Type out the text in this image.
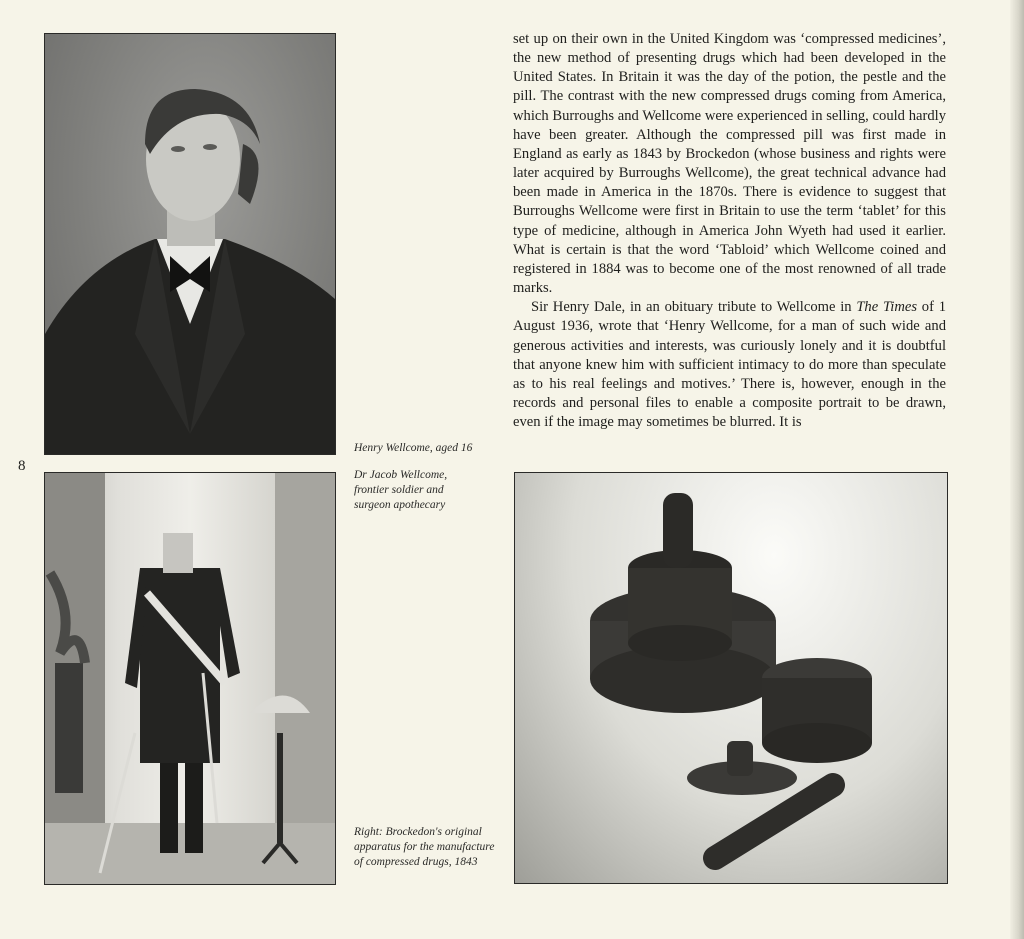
8
Henry Wellcome, aged 16
Dr Jacob Wellcome, frontier soldier and surgeon apothecary
Right: Brockedon's original apparatus for the manufacture of compressed drugs, 1843

set up on their own in the United Kingdom was ‘compressed medicines’, the new method of presenting drugs which had been developed in the United States. In Britain it was the day of the potion, the pestle and the pill. The contrast with the new compressed drugs coming from America, which Burroughs and Wellcome were experienced in selling, could hardly have been greater. Although the compressed pill was first made in England as early as 1843 by Brockedon (whose business and rights were later acquired by Burroughs Wellcome), the great technical advance had been made in America in the 1870s. There is evidence to suggest that Burroughs Wellcome were first in Britain to use the term ‘tablet’ for this type of medicine, although in America John Wyeth had used it earlier. What is certain is that the word ‘Tabloid’ which Wellcome coined and registered in 1884 was to become one of the most renowned of all trade marks.

Sir Henry Dale, in an obituary tribute to Wellcome in The Times of 1 August 1936, wrote that ‘Henry Wellcome, for a man of such wide and generous activities and interests, was curiously lonely and it is doubtful that anyone knew him with sufficient intimacy to do more than speculate as to his real feelings and motives.’ There is, however, enough in the records and personal files to enable a composite portrait to be drawn, even if the image may sometimes be blurred. It is
